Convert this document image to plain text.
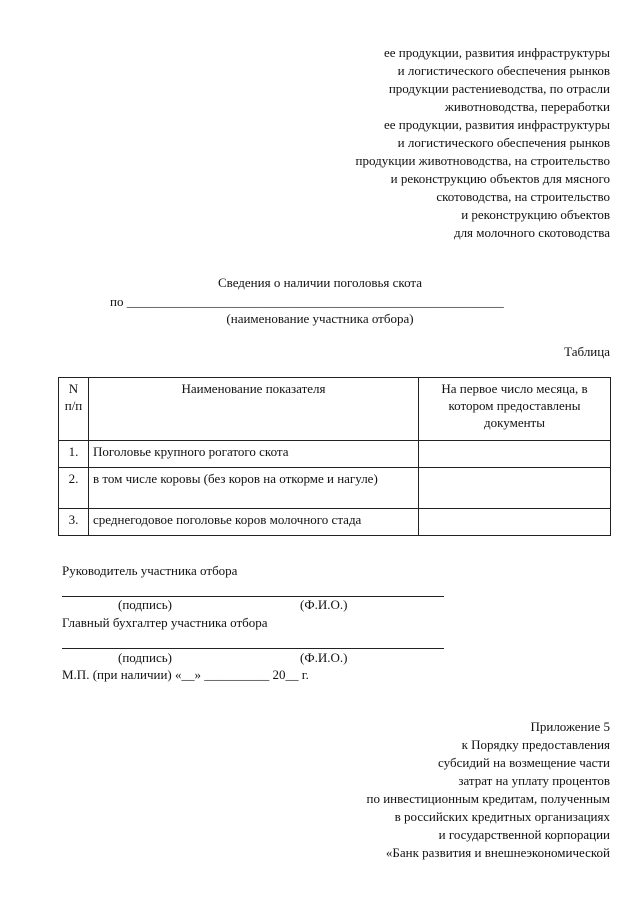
ее продукции, развития инфраструктуры
и логистического обеспечения рынков
продукции растениеводства, по отрасли
животноводства, переработки
ее продукции, развития инфраструктуры
и логистического обеспечения рынков
продукции животноводства, на строительство
и реконструкцию объектов для мясного
скотоводства, на строительство
и реконструкцию объектов
для молочного скотоводства
Сведения о наличии поголовья скота
по __________________________________________________________
(наименование участника отбора)
Таблица
N п/п	Наименование показателя	На первое число месяца, в котором предоставлены документы
1.	Поголовье крупного рогатого скота	
2.	в том числе коровы (без коров на откорме и нагуле)	
3.	среднегодовое поголовье коров молочного стада	
Руководитель участника отбора
(подпись)	(Ф.И.О.)
Главный бухгалтер участника отбора
(подпись)	(Ф.И.О.)
М.П. (при наличии) «__» __________ 20__ г.
Приложение 5
к Порядку предоставления
субсидий на возмещение части
затрат на уплату процентов
по инвестиционным кредитам, полученным
в российских кредитных организациях
и государственной корпорации
«Банк развития и внешнеэкономической
